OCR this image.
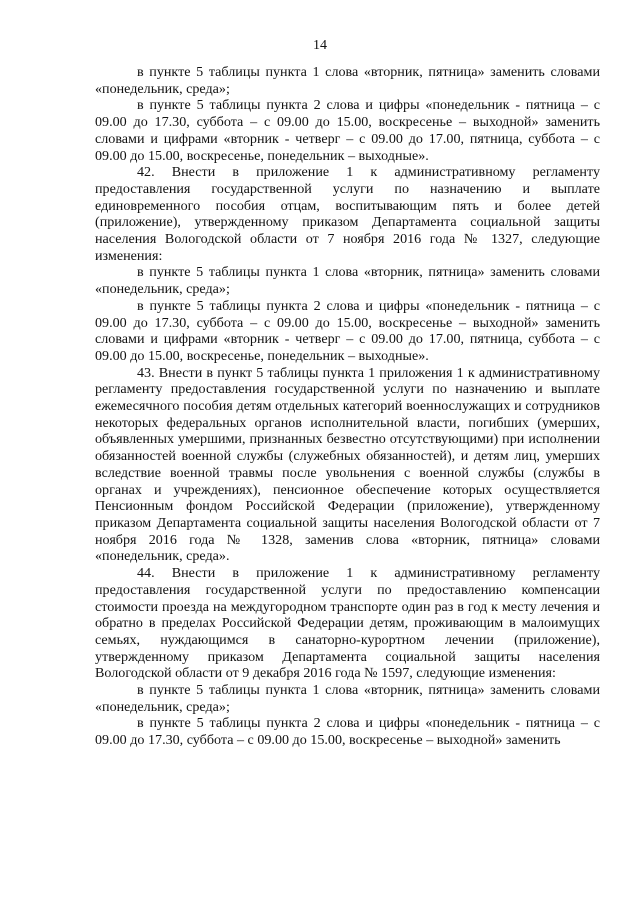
14

в пункте 5 таблицы пункта 1 слова «вторник, пятница» заменить словами «понедельник, среда»;

в пункте 5 таблицы пункта 2 слова и цифры «понедельник - пятница – с 09.00 до 17.30, суббота – с 09.00 до 15.00, воскресенье – выходной» заменить словами и цифрами «вторник - четверг – с 09.00 до 17.00, пятница, суббота – с 09.00 до 15.00, воскресенье, понедельник – выходные».

42. Внести в приложение 1 к административному регламенту предоставления государственной услуги по назначению и выплате единовременного пособия отцам, воспитывающим пять и более детей (приложение), утвержденному приказом Департамента социальной защиты населения Вологодской области от 7 ноября 2016 года № 1327, следующие изменения:

в пункте 5 таблицы пункта 1 слова «вторник, пятница» заменить словами «понедельник, среда»;

в пункте 5 таблицы пункта 2 слова и цифры «понедельник - пятница – с 09.00 до 17.30, суббота – с 09.00 до 15.00, воскресенье – выходной» заменить словами и цифрами «вторник - четверг – с 09.00 до 17.00, пятница, суббота – с 09.00 до 15.00, воскресенье, понедельник – выходные».

43. Внести в пункт 5 таблицы пункта 1 приложения 1 к административному регламенту предоставления государственной услуги по назначению и выплате ежемесячного пособия детям отдельных категорий военнослужащих и сотрудников некоторых федеральных органов исполнительной власти, погибших (умерших, объявленных умершими, признанных безвестно отсутствующими) при исполнении обязанностей военной службы (служебных обязанностей), и детям лиц, умерших вследствие военной травмы после увольнения с военной службы (службы в органах и учреждениях), пенсионное обеспечение которых осуществляется Пенсионным фондом Российской Федерации (приложение), утвержденному приказом Департамента социальной защиты населения Вологодской области от 7 ноября 2016 года № 1328, заменив слова «вторник, пятница» словами «понедельник, среда».

44. Внести в приложение 1 к административному регламенту предоставления государственной услуги по предоставлению компенсации стоимости проезда на междугородном транспорте один раз в год к месту лечения и обратно в пределах Российской Федерации детям, проживающим в малоимущих семьях, нуждающимся в санаторно-курортном лечении (приложение), утвержденному приказом Департамента социальной защиты населения Вологодской области от 9 декабря 2016 года № 1597, следующие изменения:

в пункте 5 таблицы пункта 1 слова «вторник, пятница» заменить словами «понедельник, среда»;

в пункте 5 таблицы пункта 2 слова и цифры «понедельник - пятница – с 09.00 до 17.30, суббота – с 09.00 до 15.00, воскресенье – выходной» заменить
